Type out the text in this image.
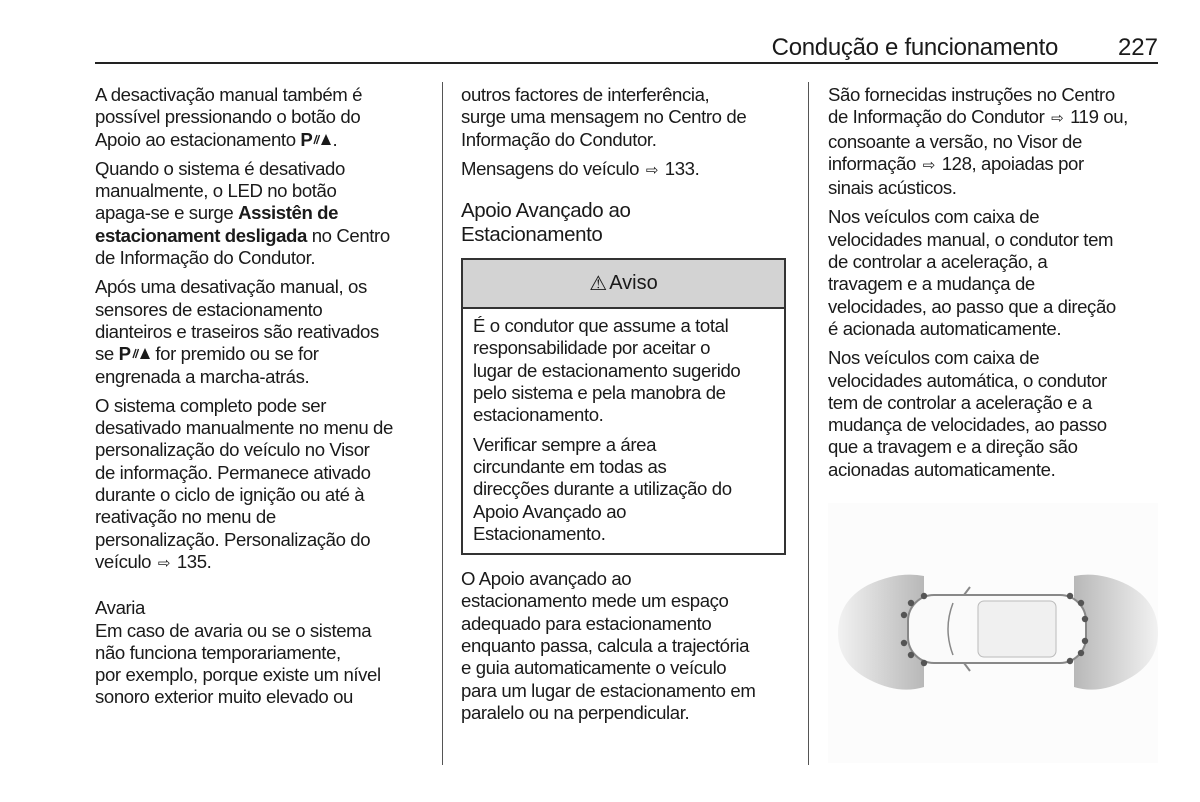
Condução e funcionamento 227
A desactivação manual também é
possível pressionando o botão do
Apoio ao estacionamento P .
Quando o sistema é desativado
manualmente, o LED no botão
apaga-se e surge Assistên de
estacionament desligada no Centro
de Informação do Condutor.
Após uma desativação manual, os
sensores de estacionamento
dianteiros e traseiros são reativados
se P for premido ou se for
engrenada a marcha-atrás.
O sistema completo pode ser
desativado manualmente no menu de
personalização do veículo no Visor
de informação. Permanece ativado
durante o ciclo de ignição ou até à
reativação no menu de
personalização. Personalização do
veículo ⇨ 135.
Avaria
Em caso de avaria ou se o sistema
não funciona temporariamente,
por exemplo, porque existe um nível
sonoro exterior muito elevado ou
outros factores de interferência,
surge uma mensagem no Centro de
Informação do Condutor.
Mensagens do veículo ⇨ 133.
Apoio Avançado ao
Estacionamento
⚠ Aviso
É o condutor que assume a total
responsabilidade por aceitar o
lugar de estacionamento sugerido
pelo sistema e pela manobra de
estacionamento.
Verificar sempre a área
circundante em todas as
direcções durante a utilização do
Apoio Avançado ao
Estacionamento.
O Apoio avançado ao
estacionamento mede um espaço
adequado para estacionamento
enquanto passa, calcula a trajectória
e guia automaticamente o veículo
para um lugar de estacionamento em
paralelo ou na perpendicular.
São fornecidas instruções no Centro
de Informação do Condutor ⇨ 119 ou,
consoante a versão, no Visor de
informação ⇨ 128, apoiadas por
sinais acústicos.
Nos veículos com caixa de
velocidades manual, o condutor tem
de controlar a aceleração, a
travagem e a mudança de
velocidades, ao passo que a direção
é acionada automaticamente.
Nos veículos com caixa de
velocidades automática, o condutor
tem de controlar a aceleração e a
mudança de velocidades, ao passo
que a travagem e a direção são
acionadas automaticamente.
